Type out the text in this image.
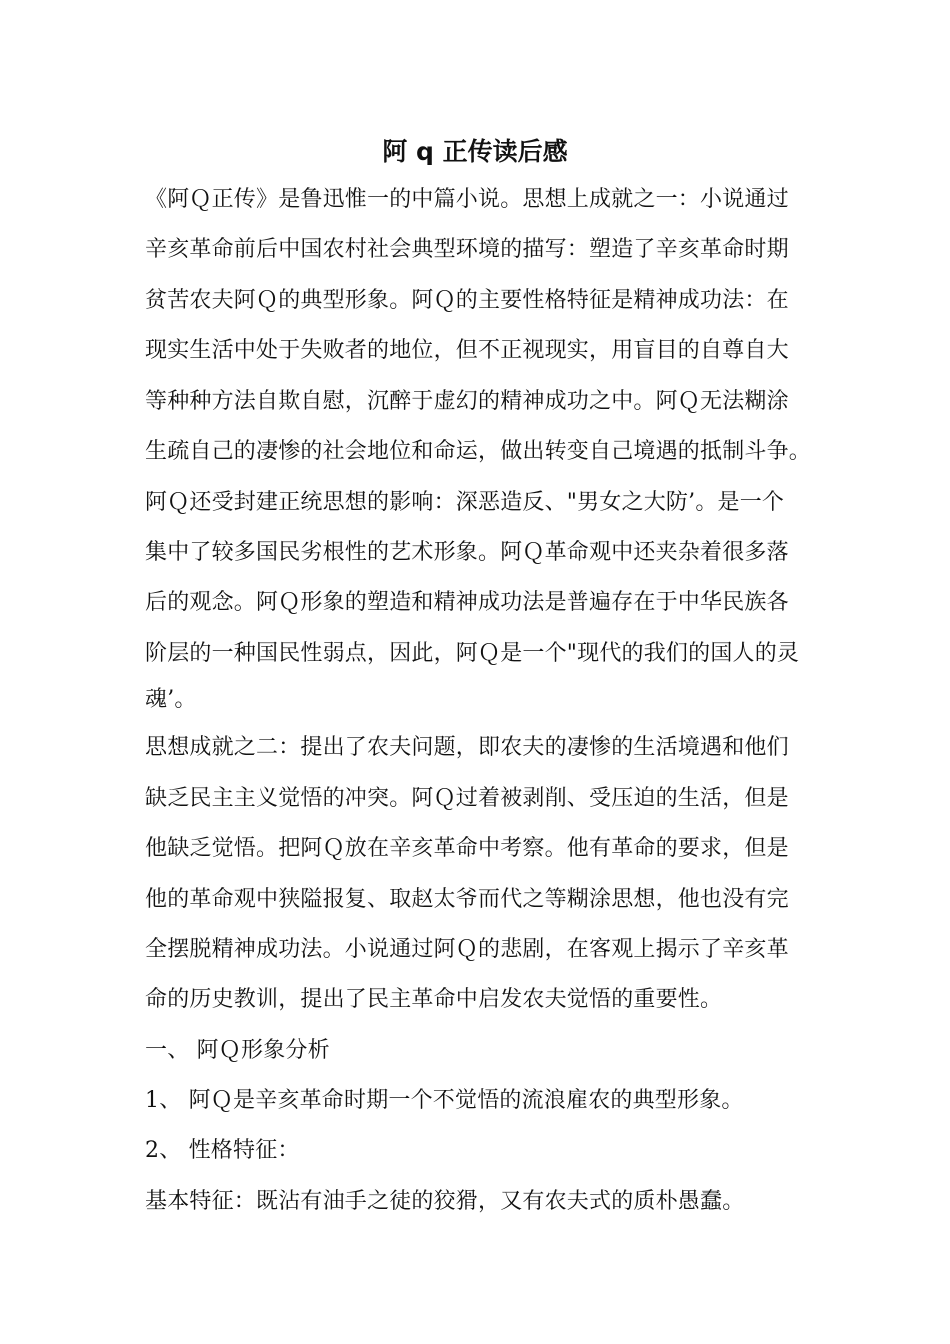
阿 q 正传读后感
《阿Ｑ正传》是鲁迅惟一的中篇小说。思想上成就之一：小说通过
辛亥革命前后中国农村社会典型环境的描写：塑造了辛亥革命时期
贫苦农夫阿Ｑ的典型形象。阿Ｑ的主要性格特征是精神成功法：在
现实生活中处于失败者的地位，但不正视现实，用盲目的自尊自大
等种种方法自欺自慰，沉醉于虚幻的精神成功之中。阿Ｑ无法糊涂
生疏自己的凄惨的社会地位和命运，做出转变自己境遇的抵制斗争。
阿Ｑ还受封建正统思想的影响：深恶造反、"男女之大防’。是一个
集中了较多国民劣根性的艺术形象。阿Ｑ革命观中还夹杂着很多落
后的观念。阿Ｑ形象的塑造和精神成功法是普遍存在于中华民族各
阶层的一种国民性弱点，因此，阿Ｑ是一个"现代的我们的国人的灵
魂’。
思想成就之二：提出了农夫问题，即农夫的凄惨的生活境遇和他们
缺乏民主主义觉悟的冲突。阿Ｑ过着被剥削、受压迫的生活，但是
他缺乏觉悟。把阿Ｑ放在辛亥革命中考察。他有革命的要求，但是
他的革命观中狭隘报复、取赵太爷而代之等糊涂思想，他也没有完
全摆脱精神成功法。小说通过阿Ｑ的悲剧，在客观上揭示了辛亥革
命的历史教训，提出了民主革命中启发农夫觉悟的重要性。
一、 阿Ｑ形象分析
1、 阿Ｑ是辛亥革命时期一个不觉悟的流浪雇农的典型形象。
2、 性格特征：
基本特征：既沾有油手之徒的狡猾，又有农夫式的质朴愚蠢。
